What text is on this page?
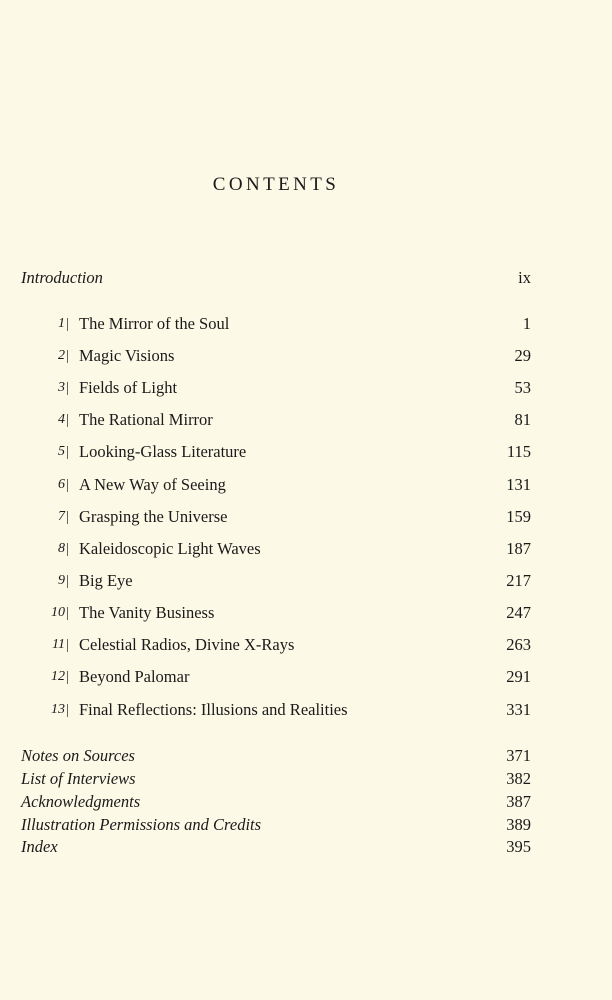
CONTENTS
Introduction	ix
1 The Mirror of the Soul	1
2 Magic Visions	29
3 Fields of Light	53
4 The Rational Mirror	81
5 Looking-Glass Literature	115
6 A New Way of Seeing	131
7 Grasping the Universe	159
8 Kaleidoscopic Light Waves	187
9 Big Eye	217
10 The Vanity Business	247
11 Celestial Radios, Divine X-Rays	263
12 Beyond Palomar	291
13 Final Reflections: Illusions and Realities	331
Notes on Sources	371
List of Interviews	382
Acknowledgments	387
Illustration Permissions and Credits	389
Index	395
